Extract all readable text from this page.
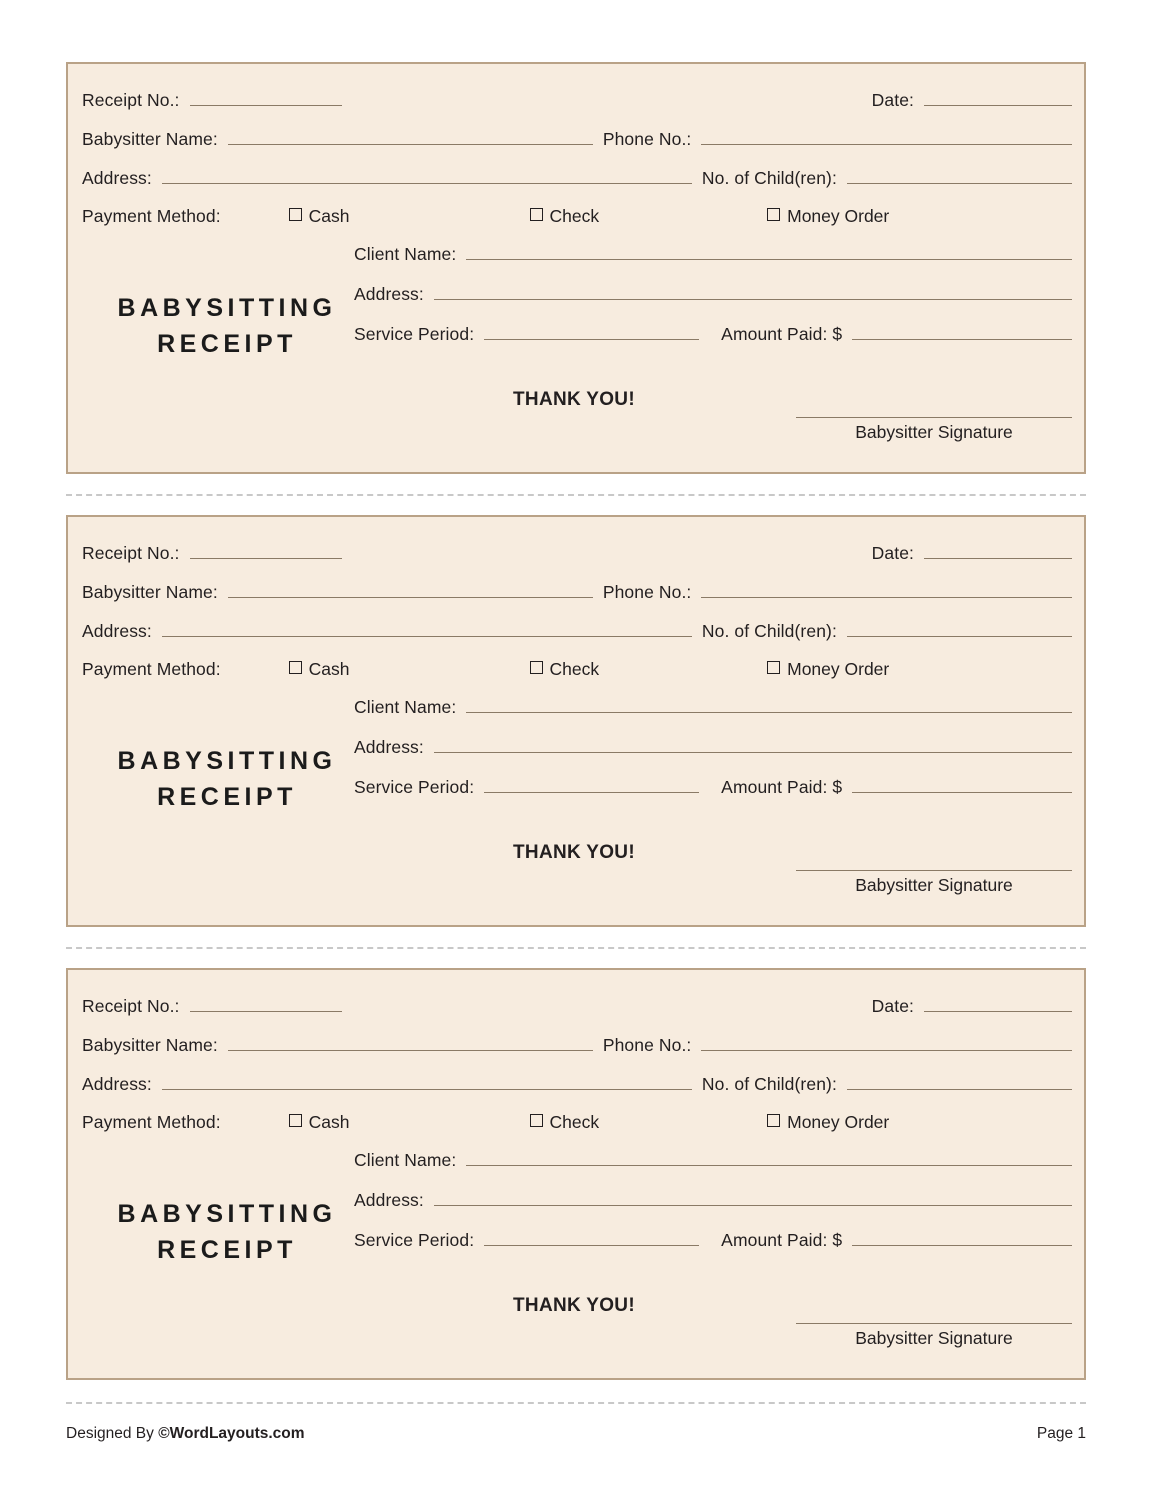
Receipt No.:	Date:
Babysitter Name:	Phone No.:
Address:	No. of Child(ren):
Payment Method:	Cash	Check	Money Order
BABYSITTING
RECEIPT
Client Name:
Address:
Service Period:	Amount Paid: $
THANK YOU!
Babysitter Signature
Receipt No.:	Date:
Babysitter Name:	Phone No.:
Address:	No. of Child(ren):
Payment Method:	Cash	Check	Money Order
BABYSITTING
RECEIPT
Client Name:
Address:
Service Period:	Amount Paid: $
THANK YOU!
Babysitter Signature
Receipt No.:	Date:
Babysitter Name:	Phone No.:
Address:	No. of Child(ren):
Payment Method:	Cash	Check	Money Order
BABYSITTING
RECEIPT
Client Name:
Address:
Service Period:	Amount Paid: $
THANK YOU!
Babysitter Signature
Designed By ©WordLayouts.com	Page 1
